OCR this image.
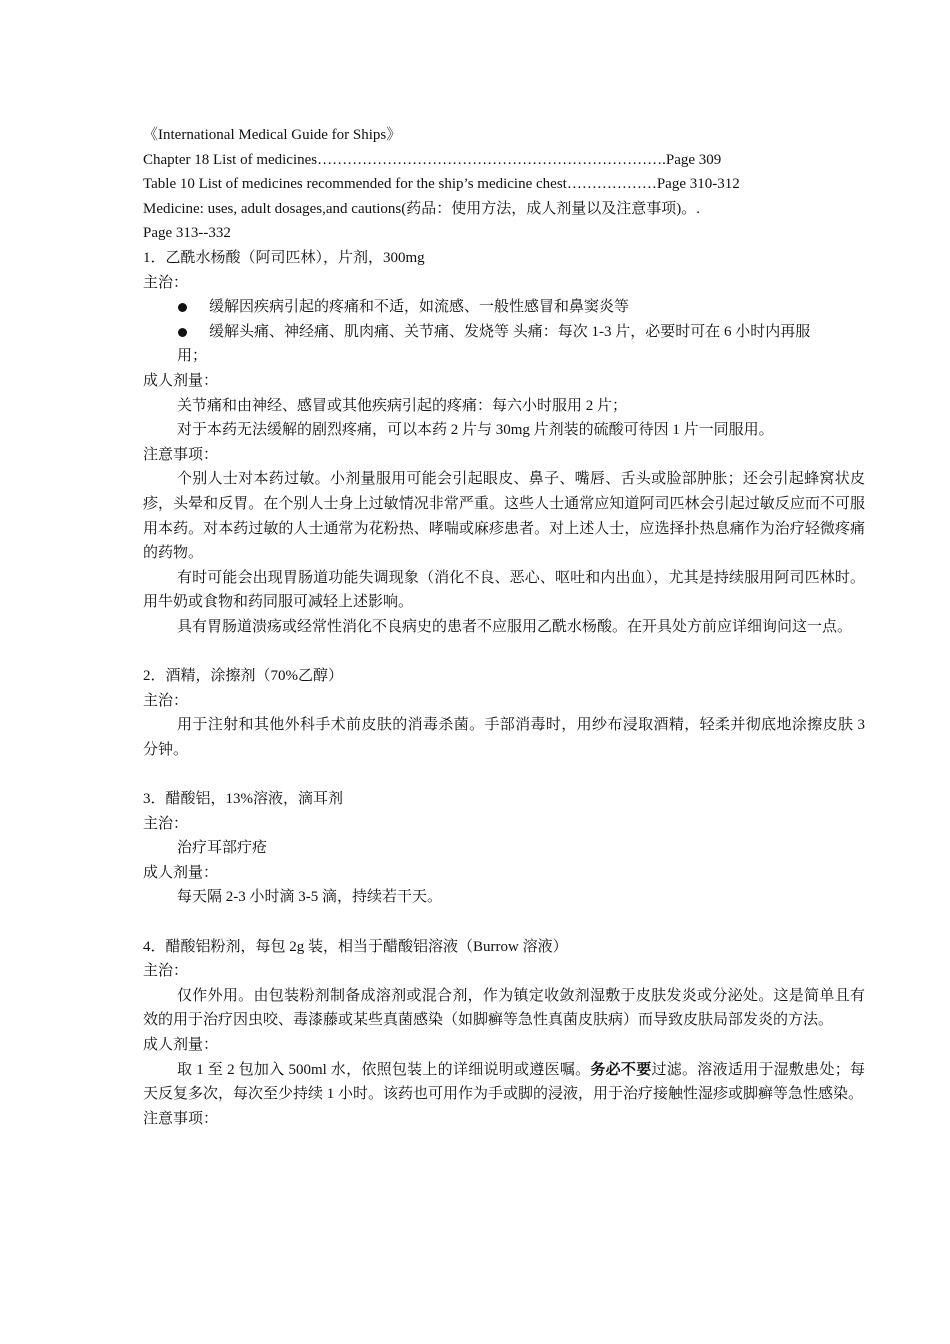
《International Medical Guide for Ships》
Chapter 18 List of medicines…………………………………………………………….Page 309
Table 10 List of medicines recommended for the ship’s medicine chest………………Page 310-312
Medicine: uses, adult dosages,and cautions(药品：使用方法，成人剂量以及注意事项)。.
Page 313--332
1．乙酰水杨酸（阿司匹林），片剂，300mg
主治：
缓解因疾病引起的疼痛和不适，如流感、一般性感冒和鼻窦炎等
缓解头痛、神经痛、肌肉痛、关节痛、发烧等 头痛：每次 1-3 片，必要时可在 6 小时内再服
用；
成人剂量：
关节痛和由神经、感冒或其他疾病引起的疼痛：每六小时服用 2 片；
对于本药无法缓解的剧烈疼痛，可以本药 2 片与 30mg 片剂装的硫酸可待因 1 片一同服用。
注意事项：
个别人士对本药过敏。小剂量服用可能会引起眼皮、鼻子、嘴唇、舌头或脸部肿胀；还会引起蜂窝状皮疹，头晕和反胃。在个别人士身上过敏情况非常严重。这些人士通常应知道阿司匹林会引起过敏反应而不可服用本药。对本药过敏的人士通常为花粉热、哮喘或麻疹患者。对上述人士，应选择扑热息痛作为治疗轻微疼痛的药物。
有时可能会出现胃肠道功能失调现象（消化不良、恶心、呕吐和内出血），尤其是持续服用阿司匹林时。用牛奶或食物和药同服可减轻上述影响。
具有胃肠道溃疡或经常性消化不良病史的患者不应服用乙酰水杨酸。在开具处方前应详细询问这一点。
2．酒精，涂擦剂（70%乙醇）
主治：
用于注射和其他外科手术前皮肤的消毒杀菌。手部消毒时，用纱布浸取酒精，轻柔并彻底地涂擦皮肤 3 分钟。
3．醋酸铝，13%溶液，滴耳剂
主治：
治疗耳部疔疮
成人剂量：
每天隔 2-3 小时滴 3-5 滴，持续若干天。
4．醋酸铝粉剂，每包 2g 装，相当于醋酸铝溶液（Burrow 溶液）
主治：
仅作外用。由包装粉剂制备成溶剂或混合剂，作为镇定收敛剂湿敷于皮肤发炎或分泌处。这是简单且有效的用于治疗因虫咬、毒漆藤或某些真菌感染（如脚癣等急性真菌皮肤病）而导致皮肤局部发炎的方法。
成人剂量：
取 1 至 2 包加入 500ml 水，依照包装上的详细说明或遵医嘱。务必不要过滤。溶液适用于湿敷患处；每天反复多次，每次至少持续 1 小时。该药也可用作为手或脚的浸液，用于治疗接触性湿疹或脚癣等急性感染。
注意事项：
